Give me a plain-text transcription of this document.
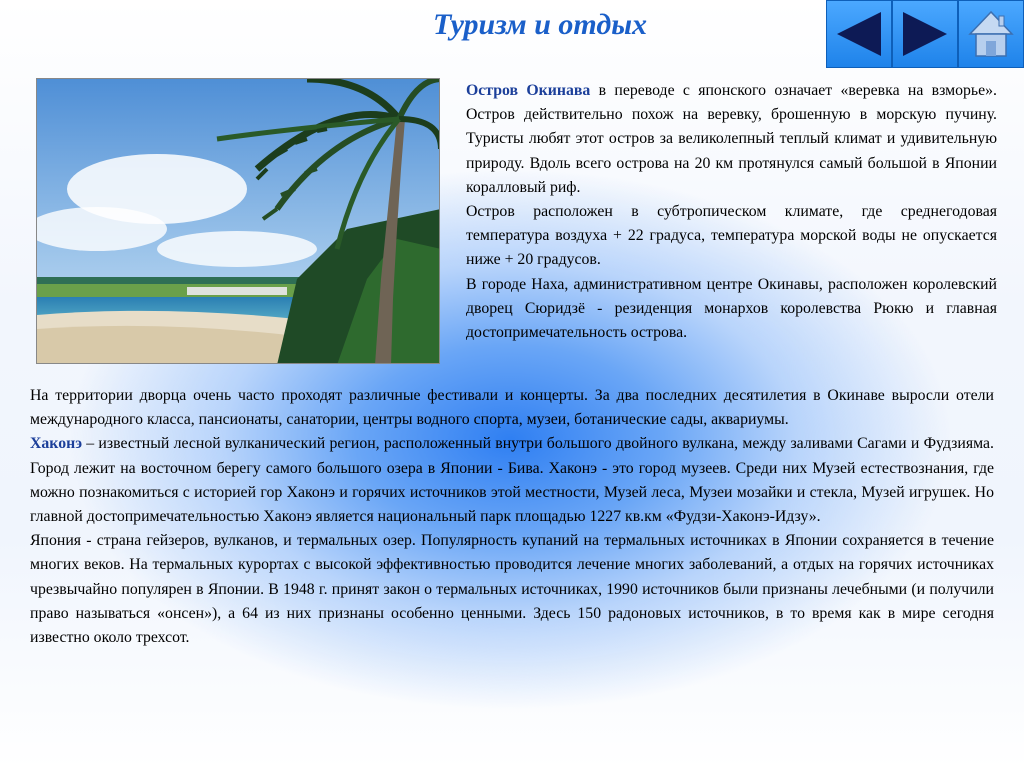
Туризм и отдых

Остров Окинава в переводе с японского означает «веревка на взморье». Остров действительно похож на веревку, брошенную в морскую пучину. Туристы любят этот остров за великолепный теплый климат и удивительную природу. Вдоль всего острова на 20 км протянулся самый большой в Японии коралловый риф.

Остров расположен в субтропическом климате, где среднегодовая температура воздуха + 22 градуса, температура морской воды не опускается ниже + 20 градусов.

В городе Наха, административном центре Окинавы, расположен королевский дворец Сюридзё - резиденция монархов королевства Рюкю и главная достопримечательность острова.

На территории дворца очень часто проходят различные фестивали и концерты. За два последних десятилетия в Окинаве выросли отели международного класса, пансионаты, санатории, центры водного спорта, музеи, ботанические сады, аквариумы.

Хаконэ – известный лесной вулканический регион, расположенный внутри большого двойного вулкана, между заливами Сагами и Фудзияма. Город лежит на восточном берегу самого большого озера в Японии - Бива. Хаконэ - это город музеев. Среди них Музей естествознания, где можно познакомиться с историей гор Хаконэ и горячих источников этой местности, Музей леса, Музеи мозайки и стекла, Музей игрушек. Но главной достопримечательностью Хаконэ является национальный парк площадью 1227 кв.км «Фудзи-Хаконэ-Идзу».

Япония - страна гейзеров, вулканов, и термальных озер. Популярность купаний на термальных источниках в Японии сохраняется в течение многих веков. На термальных курортах с высокой эффективностью проводится лечение многих заболеваний, а отдых на горячих источниках чрезвычайно популярен в Японии. В 1948 г. принят закон о термальных источниках, 1990 источников были признаны лечебными (и получили право называться «онсен»), а 64 из них признаны особенно ценными. Здесь 150 радоновых источников, в то время как в мире сегодня известно около трехсот.
